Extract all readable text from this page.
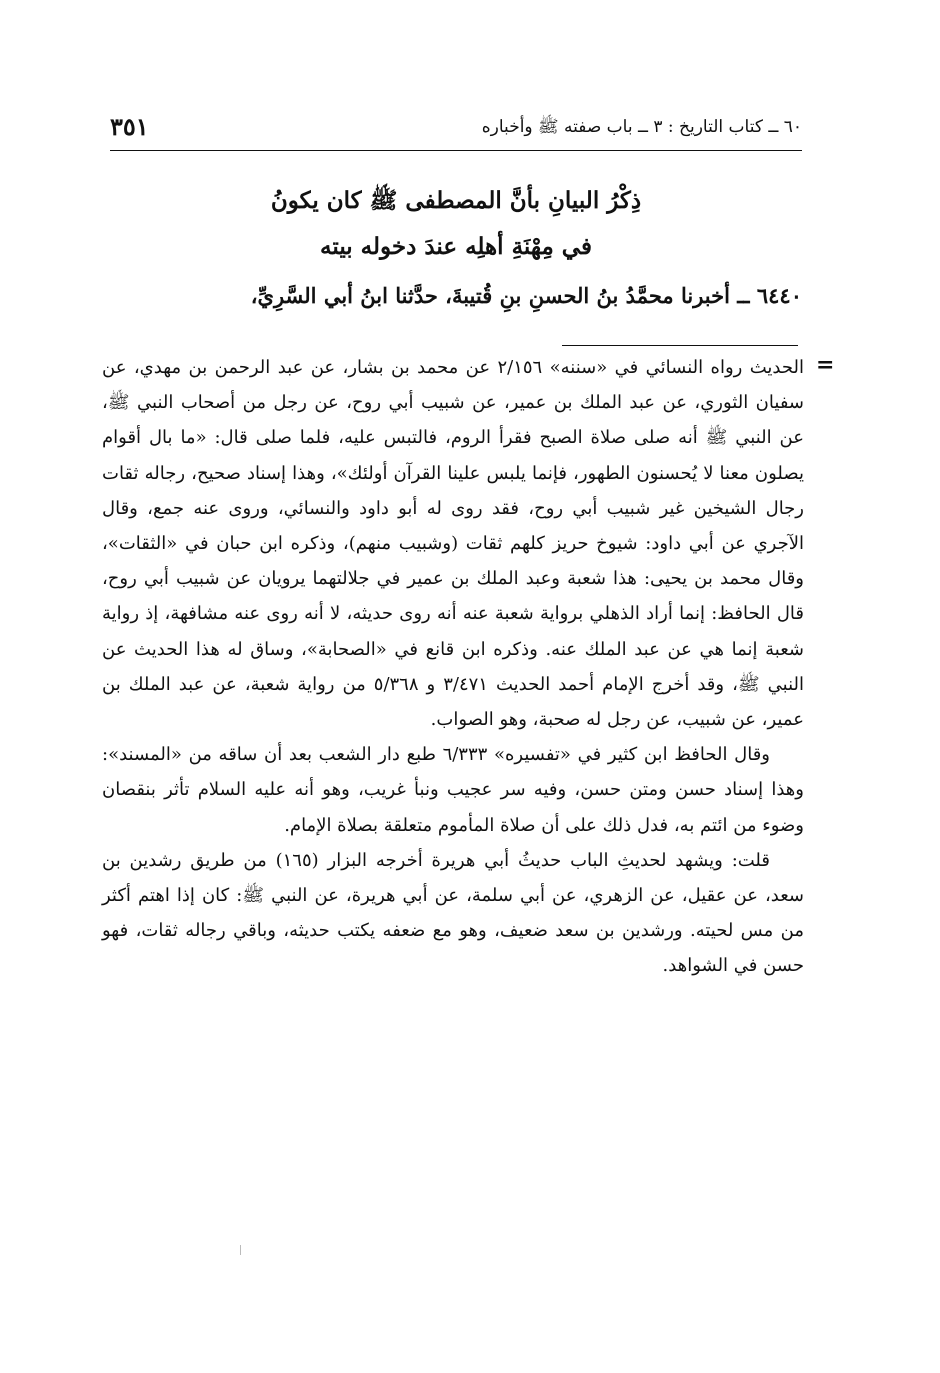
٦٠ ــ كتاب التاريخ : ٣ ــ باب صفته ﷺ وأخباره
٣٥١
ذِكْرُ البيانِ بأنَّ المصطفى ﷺ كان يكونُ
في مِهْنَةِ أهلِه عندَ دخوله بيته
٦٤٤٠ ــ أخبرنا محمَّدُ بنُ الحسنِ بنِ قُتيبةَ، حدَّثنا ابنُ أبي السَّرِيِّ،
=

الحديث رواه النسائي في «سننه» ٢/١٥٦ عن محمد بن بشار، عن عبد الرحمن بن مهدي، عن سفيان الثوري، عن عبد الملك بن عمير، عن شبيب أبي روح، عن رجل من أصحاب النبي ﷺ، عن النبي ﷺ أنه صلى صلاة الصبح فقرأ الروم، فالتبس عليه، فلما صلى قال: «ما بال أقوام يصلون معنا لا يُحسنون الطهور، فإنما يلبس علينا القرآن أولئك»، وهذا إسناد صحيح، رجاله ثقات رجال الشيخين غير شبيب أبي روح، فقد روى له أبو داود والنسائي، وروى عنه جمع، وقال الآجري عن أبي داود: شيوخ حريز كلهم ثقات (وشبيب منهم)، وذكره ابن حبان في «الثقات»، وقال محمد بن يحيى: هذا شعبة وعبد الملك بن عمير في جلالتهما يرويان عن شبيب أبي روح، قال الحافظ: إنما أراد الذهلي برواية شعبة عنه أنه روى حديثه، لا أنه روى عنه مشافهة، إذ رواية شعبة إنما هي عن عبد الملك عنه. وذكره ابن قانع في «الصحابة»، وساق له هذا الحديث عن النبي ﷺ، وقد أخرج الإمام أحمد الحديث ٣/٤٧١ و ٥/٣٦٨ من رواية شعبة، عن عبد الملك بن عمير، عن شبيب، عن رجل له صحبة، وهو الصواب.

وقال الحافظ ابن كثير في «تفسيره» ٦/٣٣٣ طبع دار الشعب بعد أن ساقه من «المسند»: وهذا إسناد حسن ومتن حسن، وفيه سر عجيب ونبأ غريب، وهو أنه عليه السلام تأثر بنقصان وضوء من ائتم به، فدل ذلك على أن صلاة المأموم متعلقة بصلاة الإمام.

قلت: ويشهد لحديثِ الباب حديثُ أبي هريرة أخرجه البزار (١٦٥) من طريق رشدين بن سعد، عن عقيل، عن الزهري، عن أبي سلمة، عن أبي هريرة، عن النبي ﷺ: كان إذا اهتم أكثر من مس لحيته. ورشدين بن سعد ضعيف، وهو مع ضعفه يكتب حديثه، وباقي رجاله ثقات، فهو حسن في الشواهد.
